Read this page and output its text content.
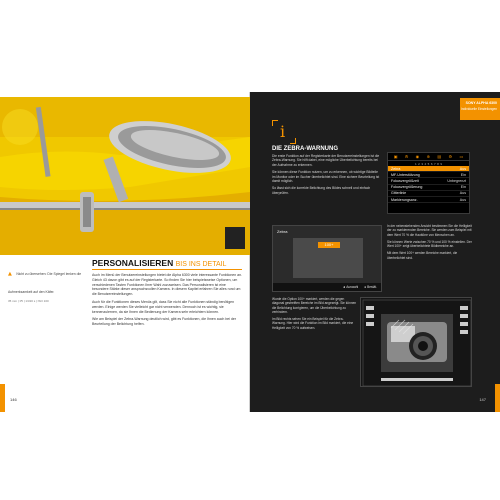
▲ Nicht zu übersehen: Die Spiegel lenken die Aufmerksamkeit auf den Käfer.
35 mm | f/5 | 1/320 s | ISO 100
PERSONALISIEREN BIS INS DETAIL

Auch im Menü der Benutzereinstellungen bietet die Alpha 6300 viele interessante Funktionen an. Gleich 43 davon gibt es auf der Registerkarte. So finden Sie hier beispielsweise Optionen, um verschiedenen Tasten Funktionen Ihrer Wahl zuzuweisen. Das Personalisieren ist eine besondere Stärke dieser anspruchsvollen Kamera. In diesem Kapitel erfahren Sie alles rund um die Benutzereinstellungen.

Auch für die Funktionen dieses Menüs gilt, dass Sie nicht alle Funktionen ständig benötigen werden. Einige werden Sie vielleicht gar nicht verwenden. Dennoch ist es wichtig, sie kennenzulernen, da sie Ihnen die Bedienung der Kamera sehr erleichtern können.

Wie am Beispiel der Zebra-Warnung deutlich wird, gibt es Funktionen, die Ihnen auch bei der Beurteilung der Belichtung helfen.

146
SONY ALPHA 6300
Individuelle Einstellungen
i
DIE ZEBRA-WARNUNG

Die erste Funktion auf der Registerkarte der Benutzereinstellungen ist die Zebra-Warnung. Sie hilft dabei, eine mögliche Überbelichtung bereits bei der Aufnahme zu erkennen.

Sie können diese Funktion nutzen, um zu erkennen, ob wichtige Bildteile im Monitor oder im Sucher überbelichtet sind. Eine sichere Beurteilung ist damit möglich.

So lässt sich die korrekte Belichtung des Bildes schnell und einfach überprüfen.

▣ ✇ ◉ ⊕ ▤ ⚙ ▭
1 2 3 4 5 6 7 8 9
Zebra	Aus
MF-Unterstützung	Ein
Fokusvergrößzeit	Unbegrenzt
Fokusvergrößerung	Ein
Gitterlinie	Aus
Markierungsanz.	Aus
Zebra
100+
◄ Auswahl ● Bestät.

In der nebenstehenden Ansicht bestimmen Sie die Helligkeit der zu markierenden Bereiche. Sie werden zum Beispiel mit dem Wert 70 % die Hauttöne von Menschen an.

Sie können Werte zwischen 70 % und 100 % einstellen. Der Wert 100+ zeigt überbelichtete Bildbereiche an.

Mit dem Wert 100+ werden Bereiche markiert, die überbelichtet sind.

Wurde die Option 100+ markiert, werden die gegen diagonal gestreiften Bereiche im Bild angezeigt. Sie können die Belichtung korrigieren, um die Überbelichtung zu verhindern.

Im Bild rechts sehen Sie ein Beispiel für die Zebra-Warnung. Hier wird die Funktion im Bild markiert, die eine Helligkeit von 70 % aufweisen.

147
